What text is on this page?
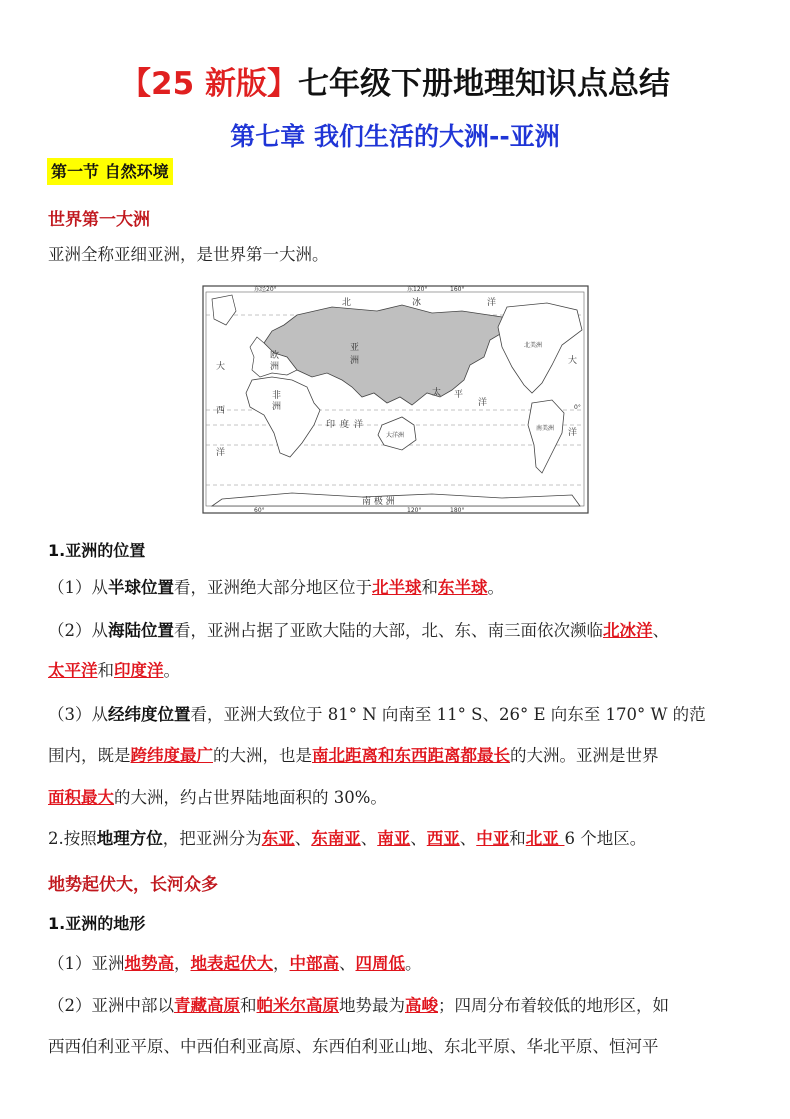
【25 新版】七年级下册地理知识点总结
第七章 我们生活的大洲--亚洲
第一节 自然环境
世界第一大洲
亚洲全称亚细亚洲，是世界第一大洲。
北	冰	洋
欧
洲
亚
洲
非
洲
大
西
洋
太 平
洋
印 度 洋
大
洋
北美洲
南美洲
大洋洲
南 极 洲
0°
东经20°	东120°	160°
60°	120°	180°
1.亚洲的位置
（1）从半球位置看，亚洲绝大部分地区位于北半球和东半球。
（2）从海陆位置看，亚洲占据了亚欧大陆的大部，北、东、南三面依次濒临北冰洋、
太平洋和印度洋。
（3）从经纬度位置看，亚洲大致位于 81° N 向南至 11° S、26° E 向东至 170° W 的范
围内，既是跨纬度最广的大洲，也是南北距离和东西距离都最长的大洲。亚洲是世界
面积最大的大洲，约占世界陆地面积的 30%。
2.按照地理方位，把亚洲分为东亚、东南亚、南亚、西亚、中亚和北亚 6 个地区。
地势起伏大，长河众多
1.亚洲的地形
（1）亚洲地势高，地表起伏大，中部高、四周低。
（2）亚洲中部以青藏高原和帕米尔高原地势最为高峻；四周分布着较低的地形区，如
西西伯利亚平原、中西伯利亚高原、东西伯利亚山地、东北平原、华北平原、恒河平
